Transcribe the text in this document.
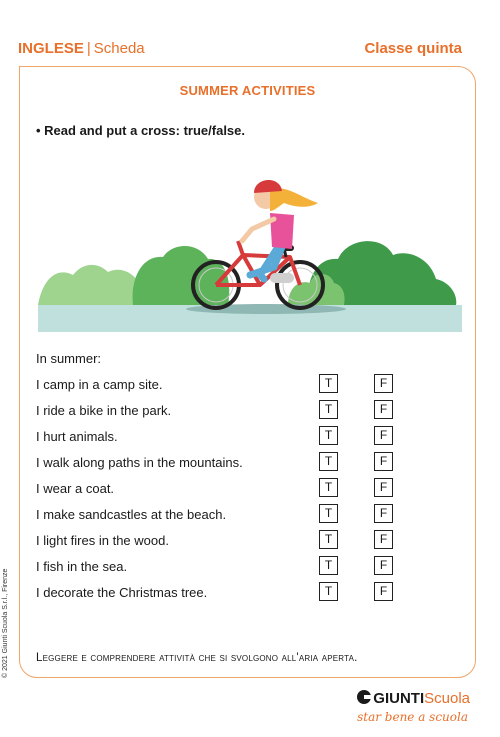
INGLESE | Scheda	Classe quinta
SUMMER ACTIVITIES
• Read and put a cross: true/false.
In summer:
I camp in a camp site.	T	F
I ride a bike in the park.	T	F
I hurt animals.	T	F
I walk along paths in the mountains.	T	F
I wear a coat.	T	F
I make sandcastles at the beach.	T	F
I light fires in the wood.	T	F
I fish in the sea.	T	F
I decorate the Christmas tree.	T	F
Leggere e comprendere attività che si svolgono all'aria aperta.
© 2021 Giunti Scuola S.r.l., Firenze
GIUNTIScuola
star bene a scuola
